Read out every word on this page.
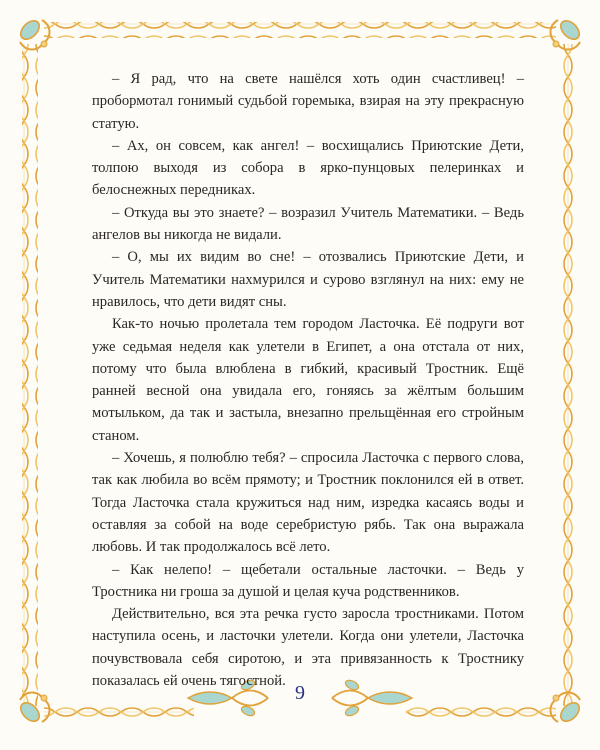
– Я рад, что на свете нашёлся хоть один счастливец! – пробормотал гонимый судьбой горемыка, взирая на эту прекрасную статую.

– Ах, он совсем, как ангел! – восхищались Приютские Дети, толпою выходя из собора в ярко-пунцовых пелеринках и белоснежных передниках.

– Откуда вы это знаете? – возразил Учитель Математики. – Ведь ангелов вы никогда не видали.

– О, мы их видим во сне! – отозвались Приютские Дети, и Учитель Математики нахмурился и сурово взглянул на них: ему не нравилось, что дети видят сны.

Как-то ночью пролетала тем городом Ласточка. Её подруги вот уже седьмая неделя как улетели в Египет, а она отстала от них, потому что была влюблена в гибкий, красивый Тростник. Ещё ранней весной она увидала его, гоняясь за жёлтым большим мотыльком, да так и застыла, внезапно прельщённая его стройным станом.

– Хочешь, я полюблю тебя? – спросила Ласточка с первого слова, так как любила во всём прямоту; и Тростник поклонился ей в ответ. Тогда Ласточка стала кружиться над ним, изредка касаясь воды и оставляя за собой на воде серебристую рябь. Так она выражала любовь. И так продолжалось всё лето.

– Как нелепо! – щебетали остальные ласточки. – Ведь у Тростника ни гроша за душой и целая куча родственников.

Действительно, вся эта речка густо заросла тростниками. Потом наступила осень, и ласточки улетели. Когда они улетели, Ласточка почувствовала себя сиротою, и эта привязанность к Тростнику показалась ей очень тягостной.

9
